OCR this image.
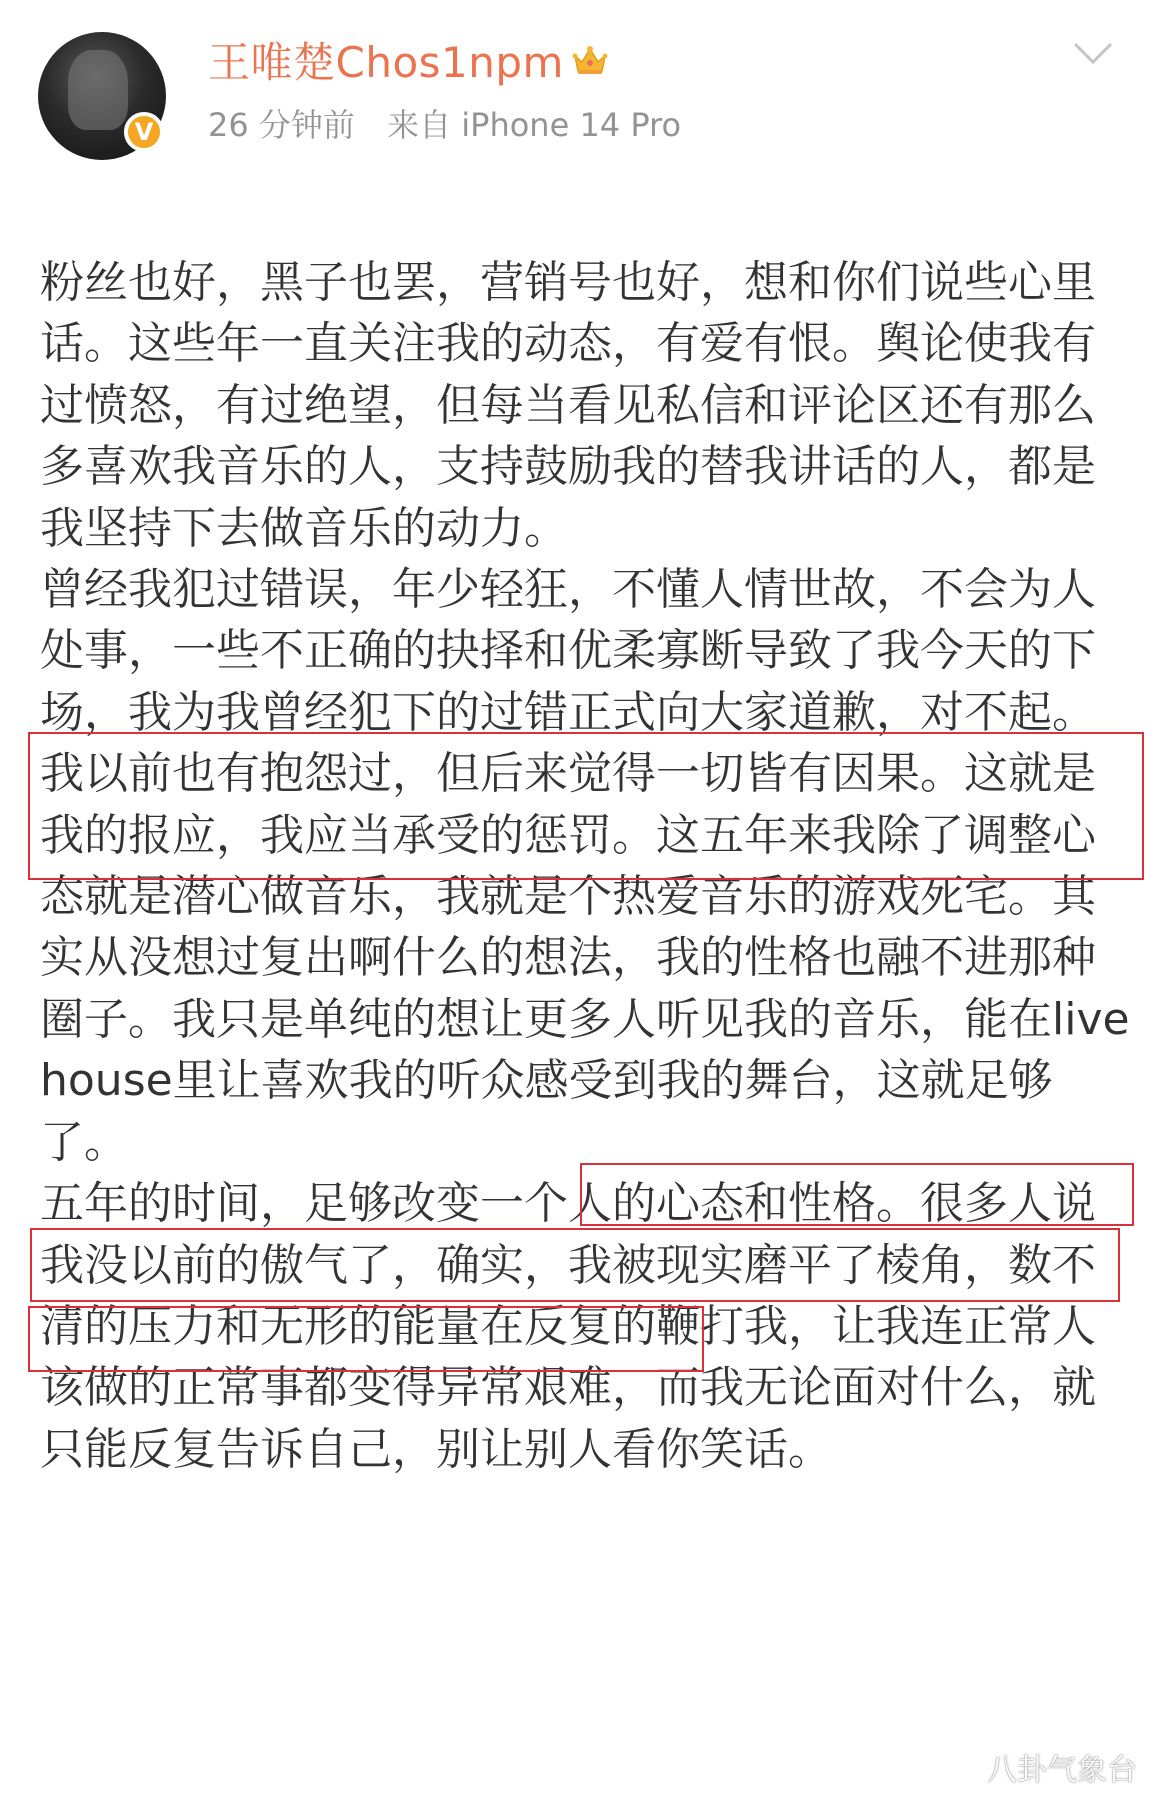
V
王唯楚Chos1npm
26 分钟前 来自 iPhone 14 Pro

粉丝也好，黑子也罢，营销号也好，想和你们说些心里话。这些年一直关注我的动态，有爱有恨。舆论使我有过愤怒，有过绝望，但每当看见私信和评论区还有那么多喜欢我音乐的人，支持鼓励我的替我讲话的人，都是我坚持下去做音乐的动力。

曾经我犯过错误，年少轻狂，不懂人情世故，不会为人处事，一些不正确的抉择和优柔寡断导致了我今天的下场，我为我曾经犯下的过错正式向大家道歉，对不起。

我以前也有抱怨过，但后来觉得一切皆有因果。这就是我的报应，我应当承受的惩罚。这五年来我除了调整心态就是潜心做音乐，我就是个热爱音乐的游戏死宅。其实从没想过复出啊什么的想法，我的性格也融不进那种圈子。我只是单纯的想让更多人听见我的音乐，能在live house里让喜欢我的听众感受到我的舞台，这就足够了。

五年的时间，足够改变一个人的心态和性格。很多人说我没以前的傲气了，确实，我被现实磨平了棱角，数不清的压力和无形的能量在反复的鞭打我，让我连正常人该做的正常事都变得异常艰难，而我无论面对什么，就只能反复告诉自己，别让别人看你笑话。

八卦气象台
